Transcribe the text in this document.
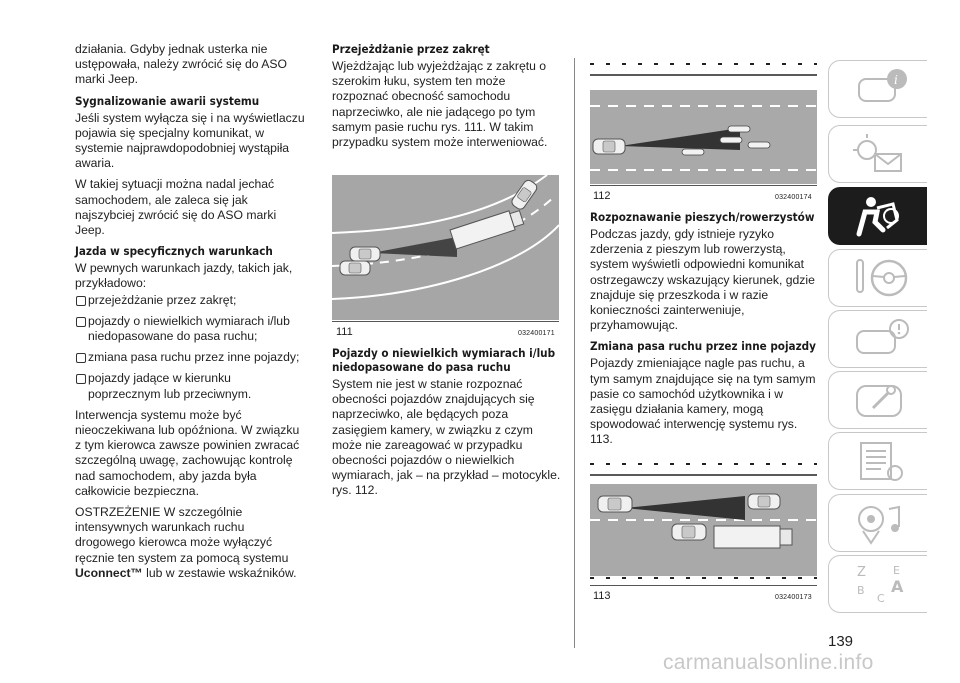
działania. Gdyby jednak usterka nie ustępowała, należy zwrócić się do ASO marki Jeep.

Sygnalizowanie awarii systemu

Jeśli system wyłącza się i na wyświetlaczu pojawia się specjalny komunikat, w systemie najprawdopodobniej wystąpiła awaria.

W takiej sytuacji można nadal jechać samochodem, ale zaleca się jak najszybciej zwrócić się do ASO marki Jeep.

Jazda w specyficznych warunkach

W pewnych warunkach jazdy, takich jak, przykładowo:

przejeżdżanie przez zakręt;

pojazdy o niewielkich wymiarach i/lub niedopasowane do pasa ruchu;

zmiana pasa ruchu przez inne pojazdy;

pojazdy jadące w kierunku poprzecznym lub przeciwnym.

Interwencja systemu może być nieoczekiwana lub opóźniona. W związku z tym kierowca zawsze powinien zwracać szczególną uwagę, zachowując kontrolę nad samochodem, aby jazda była całkowicie bezpieczna.

OSTRZEŻENIE W szczególnie intensywnych warunkach ruchu drogowego kierowca może wyłączyć ręcznie ten system za pomocą systemu Uconnect™ lub w zestawie wskaźników.

Przejeżdżanie przez zakręt

Wjeżdżając lub wyjeżdżając z zakrętu o szerokim łuku, system ten może rozpoznać obecność samochodu naprzeciwko, ale nie jadącego po tym samym pasie ruchu rys. 111. W takim przypadku system może interweniować.

111	032400171
Pojazdy o niewielkich wymiarach i/lub niedopasowane do pasa ruchu

System nie jest w stanie rozpoznać obecności pojazdów znajdujących się naprzeciwko, ale będących poza zasięgiem kamery, w związku z czym może nie zareagować w przypadku obecności pojazdów o niewielkich wymiarach, jak – na przykład – motocykle. rys. 112.

112	032400174
Rozpoznawanie pieszych/rowerzystów

Podczas jazdy, gdy istnieje ryzyko zderzenia z pieszym lub rowerzystą, system wyświetli odpowiedni komunikat ostrzegawczy wskazujący kierunek, gdzie znajduje się przeszkoda i w razie konieczności zainterweniuje, przyhamowując.

Zmiana pasa ruchu przez inne pojazdy

Pojazdy zmieniające nagle pas ruchu, a tym samym znajdujące się na tym samym pasie co samochód użytkownika i w zasięgu działania kamery, mogą spowodować interwencję systemu rys. 113.

113	032400173
i
Z E
B
C
A
139
carmanualsonline.info
